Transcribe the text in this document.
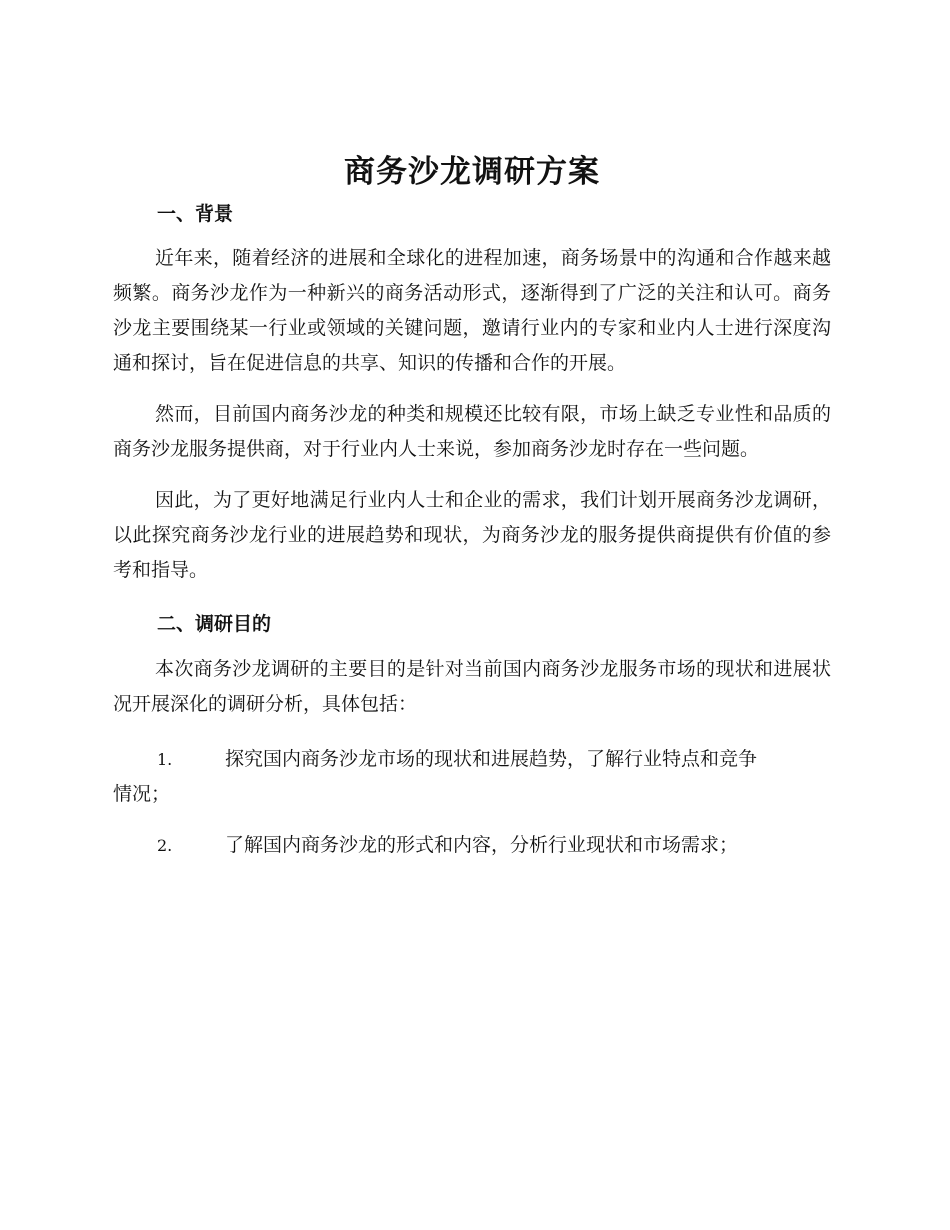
商务沙龙调研方案
一、背景

近年来，随着经济的进展和全球化的进程加速，商务场景中的沟通和合作越来越频繁。商务沙龙作为一种新兴的商务活动形式，逐渐得到了广泛的关注和认可。商务沙龙主要围绕某一行业或领域的关键问题，邀请行业内的专家和业内人士进行深度沟通和探讨，旨在促进信息的共享、知识的传播和合作的开展。

然而，目前国内商务沙龙的种类和规模还比较有限，市场上缺乏专业性和品质的商务沙龙服务提供商，对于行业内人士来说，参加商务沙龙时存在一些问题。

因此，为了更好地满足行业内人士和企业的需求，我们计划开展商务沙龙调研，以此探究商务沙龙行业的进展趋势和现状，为商务沙龙的服务提供商提供有价值的参考和指导。

二、调研目的

本次商务沙龙调研的主要目的是针对当前国内商务沙龙服务市场的现状和进展状况开展深化的调研分析，具体包括：

1.	探究国内商务沙龙市场的现状和进展趋势，了解行业特点和竞争
情况；
2.	了解国内商务沙龙的形式和内容，分析行业现状和市场需求；
